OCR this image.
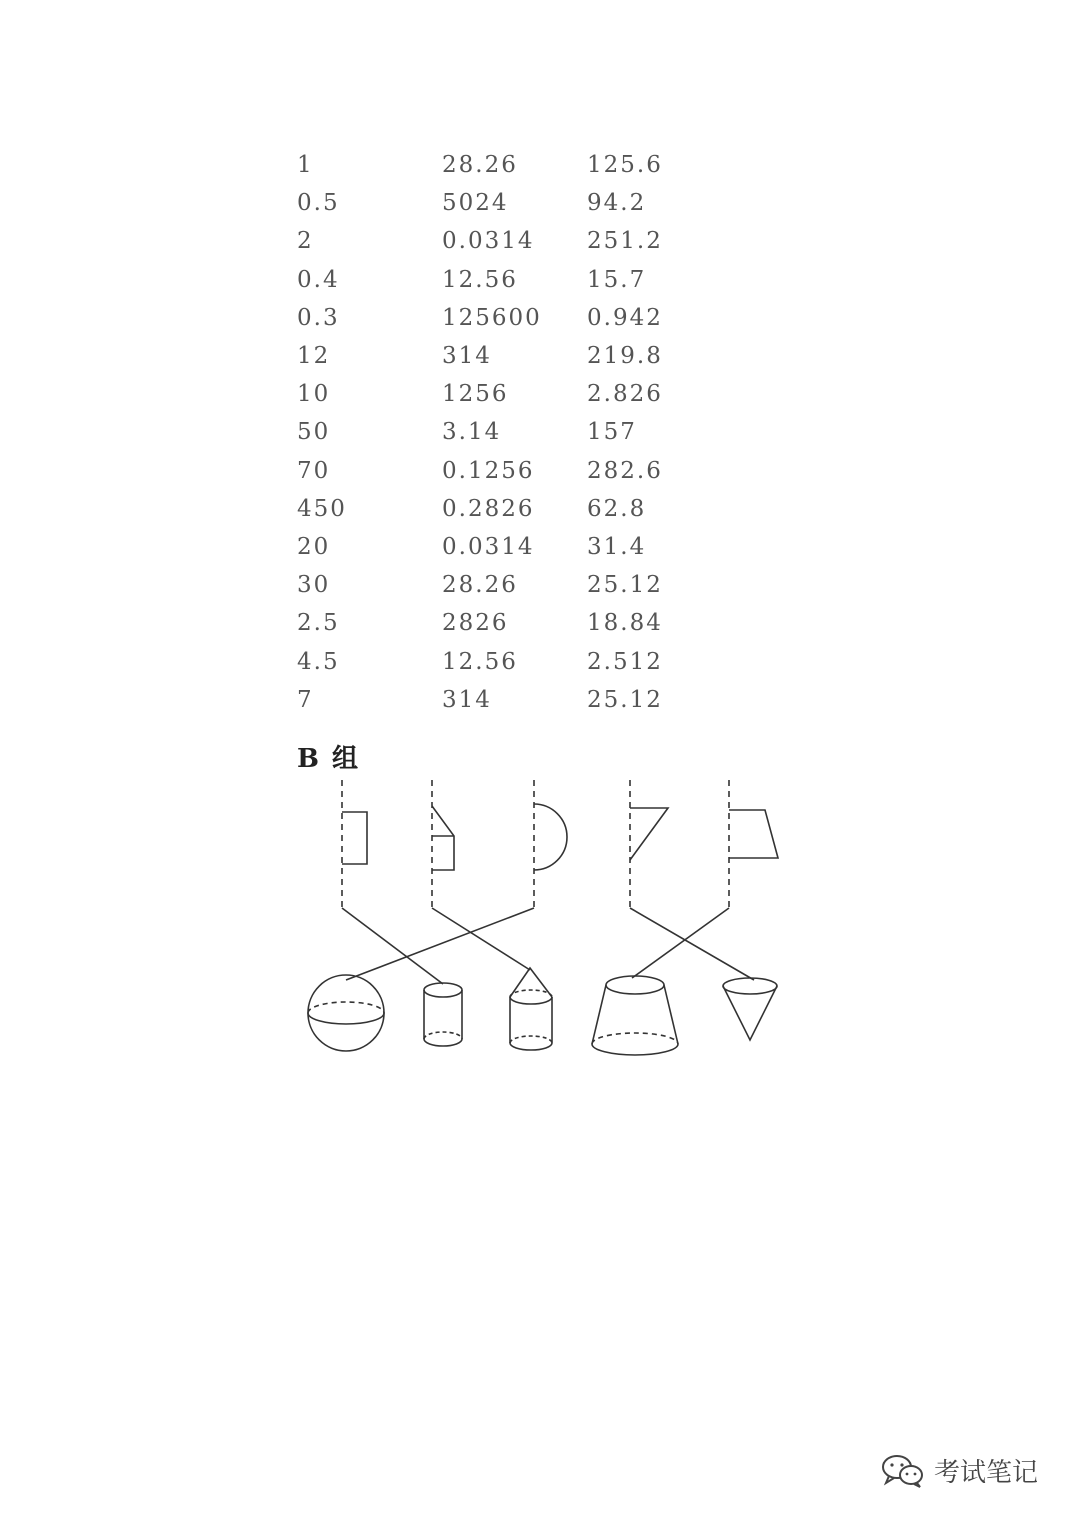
1	28.26	125.6
0.5	5024	94.2
2	0.0314	251.2
0.4	12.56	15.7
0.3	125600	0.942
12	314	219.8
10	1256	2.826
50	3.14	157
70	0.1256	282.6
450	0.2826	62.8
20	0.0314	31.4
30	28.26	25.12
2.5	2826	18.84
4.5	12.56	2.512
7	314	25.12
B 组
考试笔记
